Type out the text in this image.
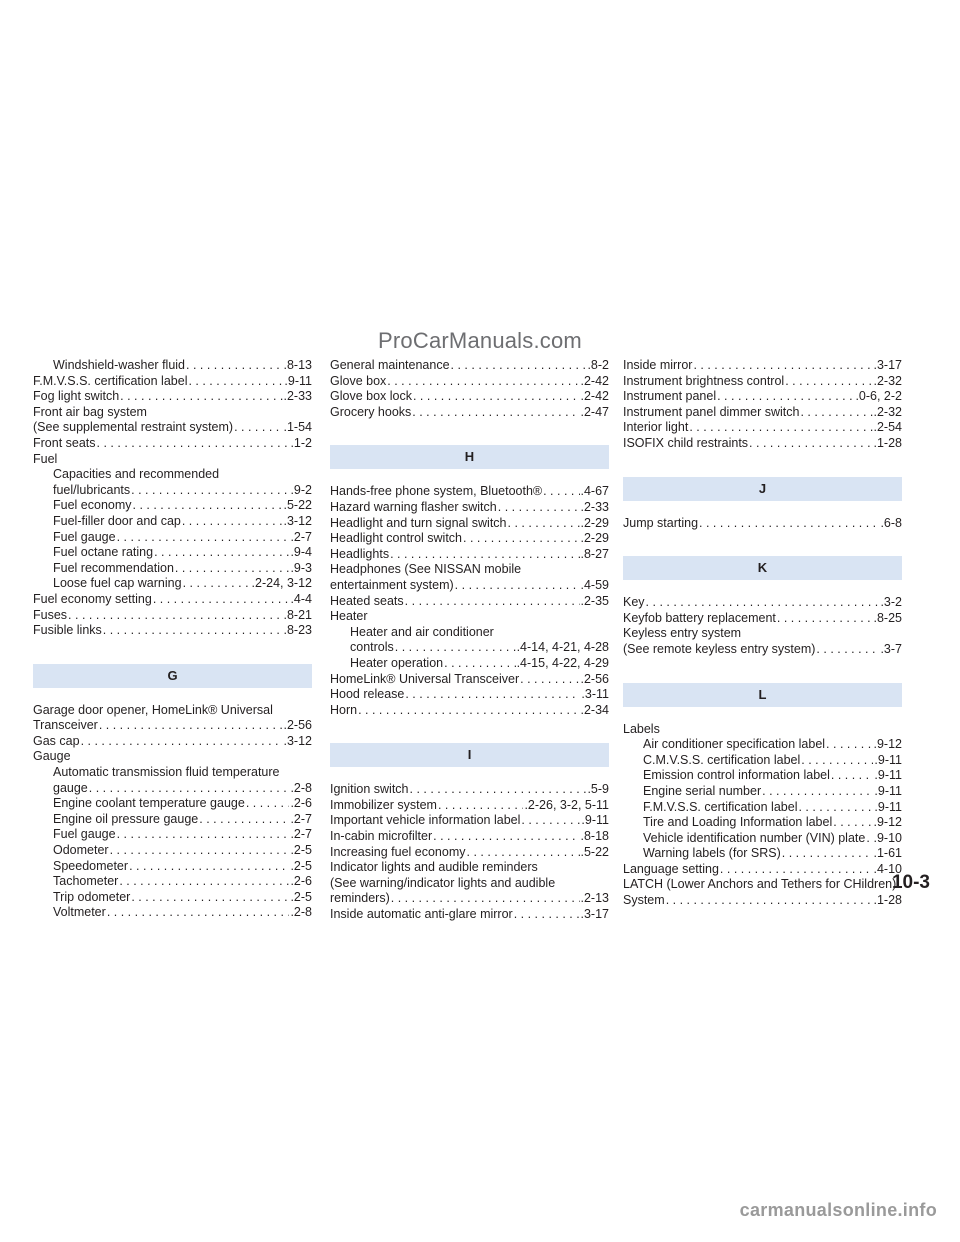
ProCarManuals.com
Windshield-washer fluid . . .	.8-13
F.M.V.S.S. certification label . . .	.9-11
Fog light switch . . .	.2-33
Front air bag system
(See supplemental restraint system) . . .	.1-54
Front seats . . .	.1-2
Fuel
Capacities and recommended
fuel/lubricants . . .	.9-2
Fuel economy . . .	.5-22
Fuel-filler door and cap . . .	.3-12
Fuel gauge . . .	.2-7
Fuel octane rating . . .	.9-4
Fuel recommendation . . .	.9-3
Loose fuel cap warning . . .	.2-24, 3-12
Fuel economy setting . . .	.4-4
Fuses . . .	.8-21
Fusible links . . .	.8-23
G
Garage door opener, HomeLink® Universal
Transceiver . . .	.2-56
Gas cap . . .	.3-12
Gauge
Automatic transmission fluid temperature
gauge . . .	.2-8
Engine coolant temperature gauge . . .	.2-6
Engine oil pressure gauge . . .	.2-7
Fuel gauge . . .	.2-7
Odometer . . .	.2-5
Speedometer . . .	.2-5
Tachometer . . .	.2-6
Trip odometer . . .	.2-5
Voltmeter . . .	.2-8
General maintenance . . .	.8-2
Glove box . . .	.2-42
Glove box lock . . .	.2-42
Grocery hooks . . .	.2-47
H
Hands-free phone system, Bluetooth® . . .	.4-67
Hazard warning flasher switch . . .	.2-33
Headlight and turn signal switch . . .	.2-29
Headlight control switch . . .	.2-29
Headlights . . .	.8-27
Headphones (See NISSAN mobile
entertainment system) . . .	.4-59
Heated seats . . .	.2-35
Heater
Heater and air conditioner
controls . . .	.4-14, 4-21, 4-28
Heater operation . . .	.4-15, 4-22, 4-29
HomeLink® Universal Transceiver . . .	.2-56
Hood release . . .	.3-11
Horn . . .	.2-34
I
Ignition switch . . .	.5-9
Immobilizer system . . .	.2-26, 3-2, 5-11
Important vehicle information label . . .	.9-11
In-cabin microfilter . . .	.8-18
Increasing fuel economy . . .	.5-22
Indicator lights and audible reminders
(See warning/indicator lights and audible
reminders) . . .	.2-13
Inside automatic anti-glare mirror . . .	.3-17
Inside mirror . . .	.3-17
Instrument brightness control . . .	.2-32
Instrument panel . . .	.0-6, 2-2
Instrument panel dimmer switch . . .	.2-32
Interior light . . .	.2-54
ISOFIX child restraints . . .	.1-28
J
Jump starting . . .	.6-8
K
Key . . .	.3-2
Keyfob battery replacement . . .	.8-25
Keyless entry system
(See remote keyless entry system) . . .	.3-7
L
Labels
Air conditioner specification label . . .	.9-12
C.M.V.S.S. certification label . . .	.9-11
Emission control information label . . .	.9-11
Engine serial number . . .	.9-11
F.M.V.S.S. certification label . . .	.9-11
Tire and Loading Information label . . .	.9-12
Vehicle identification number (VIN) plate . . . .9-10
Warning labels (for SRS) . . .	.1-61
Language setting . . .	.4-10
LATCH (Lower Anchors and Tethers for CHildren)
System . . .	.1-28
10-3
carmanualsonline.info
